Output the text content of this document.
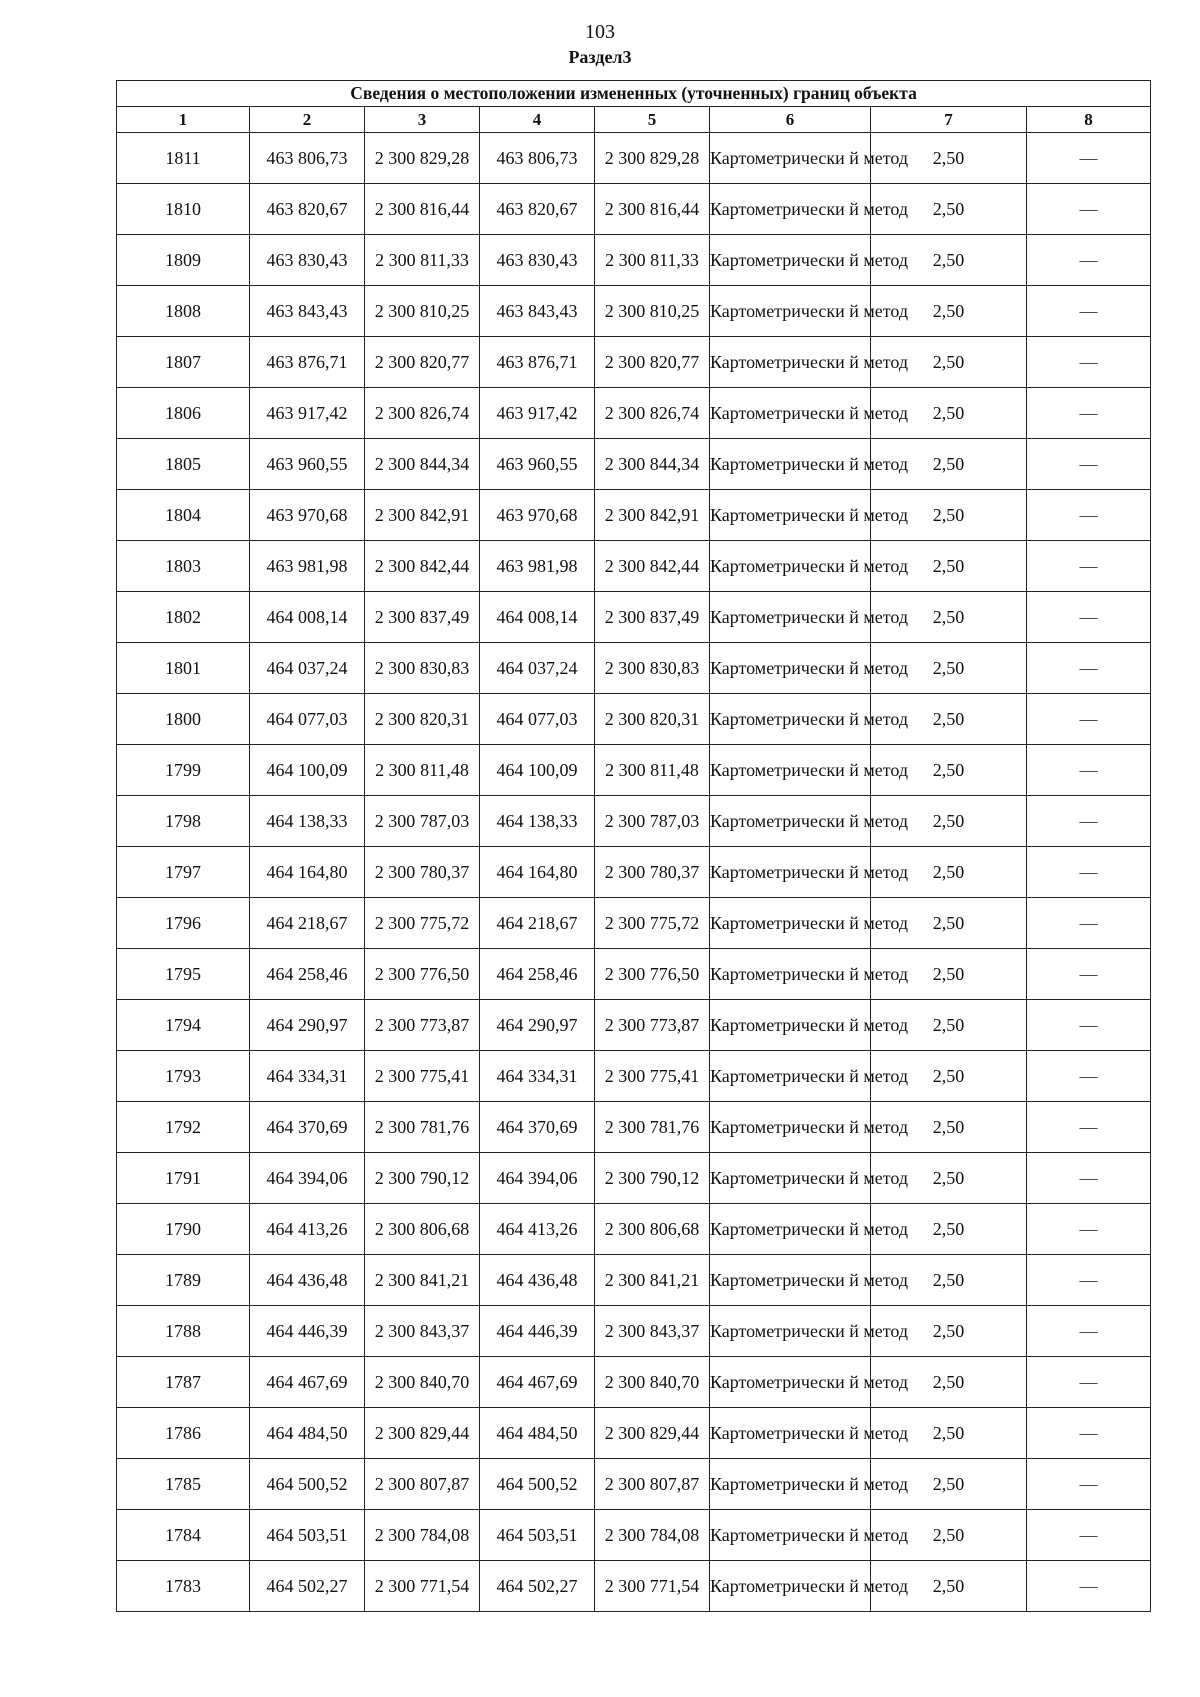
103
Раздел3
Сведения о местоположении измененных (уточненных) границ объекта							
1	2	3	4	5	6	7	8
1811	463 806,73	2 300 829,28	463 806,73	2 300 829,28	Картометрически й метод	2,50	—
1810	463 820,67	2 300 816,44	463 820,67	2 300 816,44	Картометрически й метод	2,50	—
1809	463 830,43	2 300 811,33	463 830,43	2 300 811,33	Картометрически й метод	2,50	—
1808	463 843,43	2 300 810,25	463 843,43	2 300 810,25	Картометрически й метод	2,50	—
1807	463 876,71	2 300 820,77	463 876,71	2 300 820,77	Картометрически й метод	2,50	—
1806	463 917,42	2 300 826,74	463 917,42	2 300 826,74	Картометрически й метод	2,50	—
1805	463 960,55	2 300 844,34	463 960,55	2 300 844,34	Картометрически й метод	2,50	—
1804	463 970,68	2 300 842,91	463 970,68	2 300 842,91	Картометрически й метод	2,50	—
1803	463 981,98	2 300 842,44	463 981,98	2 300 842,44	Картометрически й метод	2,50	—
1802	464 008,14	2 300 837,49	464 008,14	2 300 837,49	Картометрически й метод	2,50	—
1801	464 037,24	2 300 830,83	464 037,24	2 300 830,83	Картометрически й метод	2,50	—
1800	464 077,03	2 300 820,31	464 077,03	2 300 820,31	Картометрически й метод	2,50	—
1799	464 100,09	2 300 811,48	464 100,09	2 300 811,48	Картометрически й метод	2,50	—
1798	464 138,33	2 300 787,03	464 138,33	2 300 787,03	Картометрически й метод	2,50	—
1797	464 164,80	2 300 780,37	464 164,80	2 300 780,37	Картометрически й метод	2,50	—
1796	464 218,67	2 300 775,72	464 218,67	2 300 775,72	Картометрически й метод	2,50	—
1795	464 258,46	2 300 776,50	464 258,46	2 300 776,50	Картометрически й метод	2,50	—
1794	464 290,97	2 300 773,87	464 290,97	2 300 773,87	Картометрически й метод	2,50	—
1793	464 334,31	2 300 775,41	464 334,31	2 300 775,41	Картометрически й метод	2,50	—
1792	464 370,69	2 300 781,76	464 370,69	2 300 781,76	Картометрически й метод	2,50	—
1791	464 394,06	2 300 790,12	464 394,06	2 300 790,12	Картометрически й метод	2,50	—
1790	464 413,26	2 300 806,68	464 413,26	2 300 806,68	Картометрически й метод	2,50	—
1789	464 436,48	2 300 841,21	464 436,48	2 300 841,21	Картометрически й метод	2,50	—
1788	464 446,39	2 300 843,37	464 446,39	2 300 843,37	Картометрически й метод	2,50	—
1787	464 467,69	2 300 840,70	464 467,69	2 300 840,70	Картометрически й метод	2,50	—
1786	464 484,50	2 300 829,44	464 484,50	2 300 829,44	Картометрически й метод	2,50	—
1785	464 500,52	2 300 807,87	464 500,52	2 300 807,87	Картометрически й метод	2,50	—
1784	464 503,51	2 300 784,08	464 503,51	2 300 784,08	Картометрически й метод	2,50	—
1783	464 502,27	2 300 771,54	464 502,27	2 300 771,54	Картометрически й метод	2,50	—
